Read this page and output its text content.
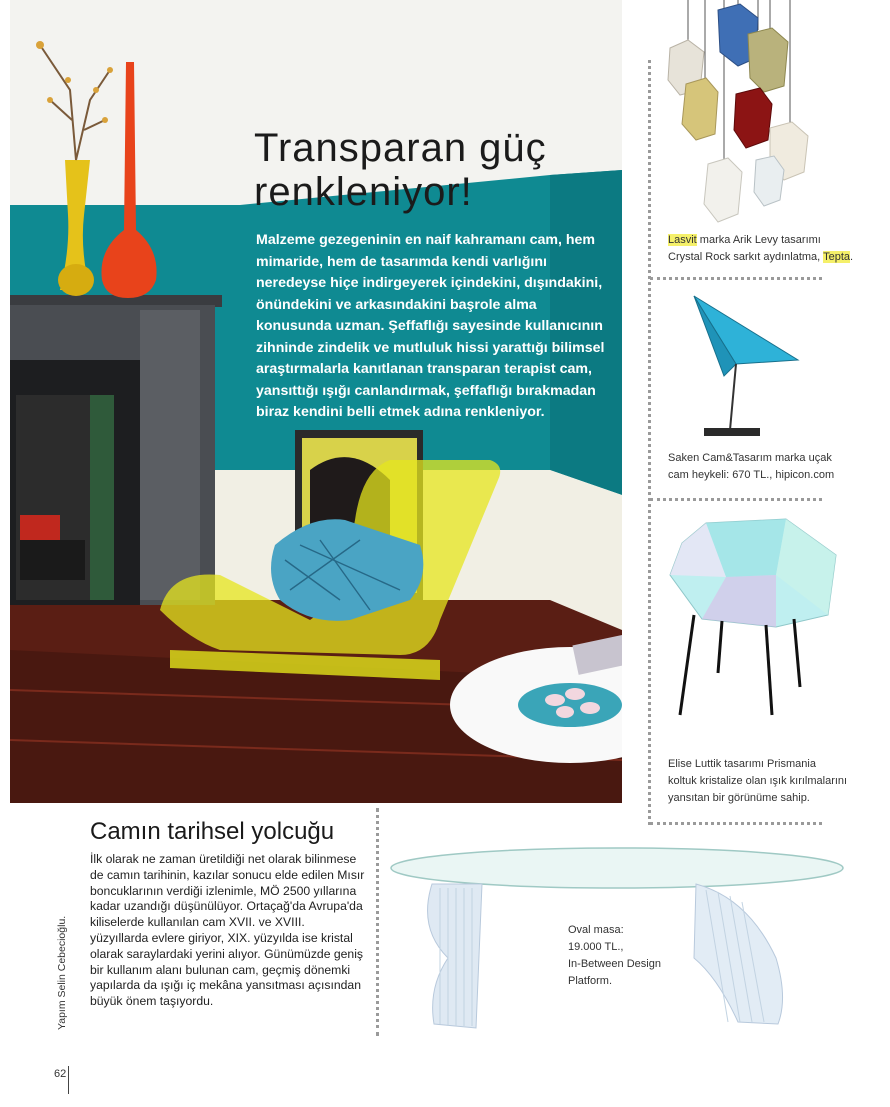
Transparan güç
renkleniyor!

Malzeme gezegeninin en naif kahramanı cam, hem mimaride, hem de tasarımda kendi varlığını neredeyse hiçe indirgeyerek içindekini, dışındakini, önündekini ve arkasındakini başrole alma konusunda uzman. Şeffaflığı sayesinde kullanıcının zihninde zindelik ve mutluluk hissi yarattığı bilimsel araştırmalarla kanıtlanan transparan terapist cam, yansıttığı ışığı canlandırmak, şeffaflığı bırakmadan biraz kendini belli etmek adına renkleniyor.

Lasvit marka Arik Levy tasarımı
Crystal Rock sarkıt aydınlatma, Tepta.

Saken Cam&Tasarım marka uçak
cam heykeli: 670 TL., hipicon.com

Elise Luttik tasarımı Prismania
koltuk kristalize olan ışık kırılmalarını
yansıtan bir görünüme sahip.

Camın tarihsel yolcuğu

İlk olarak ne zaman üretildiği net olarak bilinmese de camın tarihinin, kazılar sonucu elde edilen Mısır boncuklarının verdiği izlenimle, MÖ 2500 yıllarına kadar uzandığı düşünülüyor. Ortaçağ'da Avrupa'da kiliselerde kullanılan cam XVII. ve XVIII. yüzyıllarda evlere giriyor, XIX. yüzyılda ise kristal olarak saraylardaki yerini alıyor. Günümüzde geniş bir kullanım alanı bulunan cam, geçmiş dönemki yapılarda da ışığı iç mekâna yansıtması açısından büyük önem taşıyordu.

Oval masa:
19.000 TL.,
In-Between Design
Platform.

Yapım Selin Cebecioğlu.
62
